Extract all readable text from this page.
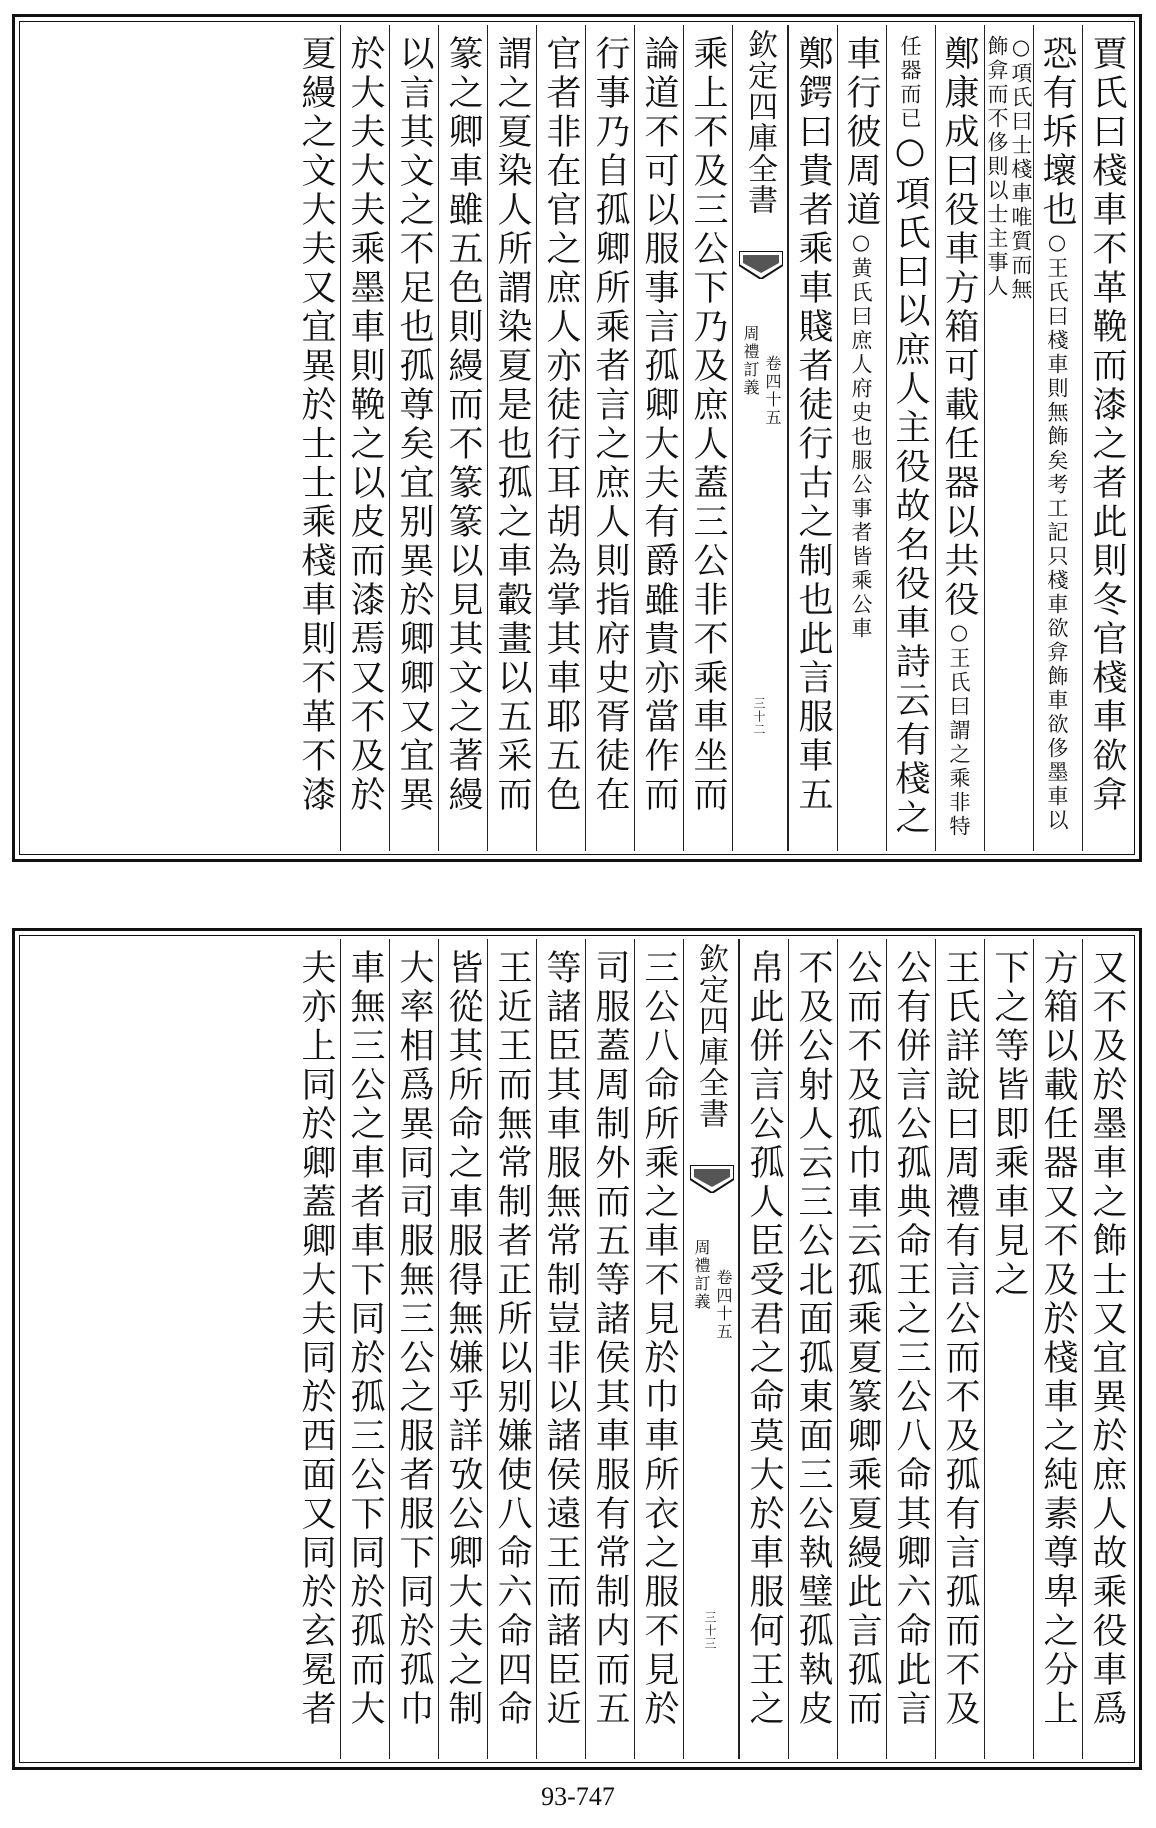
賈氏曰棧車不革鞔而漆之者此則冬官棧車欲弇
恐有坼壞也○王氏曰棧車則無飾矣考工記只棧車欲弇飾車欲侈墨車以
○項氏曰士棧車唯質而無
飾弇而不侈則以士主事人
鄭康成曰役車方箱可載任器以共役○王氏曰謂之乘非特
任器而已○項氏曰以庶人主役故名役車詩云有棧之
車行彼周道○黄氏曰庶人府史也服公事者皆乘公車
鄭鍔曰貴者乘車賤者徒行古之制也此言服車五
欽定四庫全書
周禮訂義 卷四十五
三十二
乘上不及三公下乃及庶人蓋三公非不乘車坐而
論道不可以服事言孤卿大夫有爵雖貴亦當作而
行事乃自孤卿所乘者言之庶人則指府史胥徒在
官者非在官之庶人亦徒行耳胡為掌其車耶五色
謂之夏染人所謂染夏是也孤之車轂畫以五采而
篆之卿車雖五色則縵而不篆篆以見其文之著縵
以言其文之不足也孤尊矣宜别異於卿卿又宜異
於大夫大夫乘墨車則鞔之以皮而漆焉又不及於
夏縵之文大夫又宜異於士士乘棧車則不革不漆
又不及於墨車之飾士又宜異於庶人故乘役車爲
方箱以載任器又不及於棧車之純素尊卑之分上
下之等皆即乘車見之
王氏詳說曰周禮有言公而不及孤有言孤而不及
公有併言公孤典命王之三公八命其卿六命此言
公而不及孤巾車云孤乘夏篆卿乘夏縵此言孤而
不及公射人云三公北面孤東面三公執璧孤執皮
帛此併言公孤人臣受君之命莫大於車服何王之
欽定四庫全書
周禮訂義 卷四十五
三十三
三公八命所乘之車不見於巾車所衣之服不見於
司服蓋周制外而五等諸侯其車服有常制内而五
等諸臣其車服無常制豈非以諸侯遠王而諸臣近
王近王而無常制者正所以别嫌使八命六命四命
皆從其所命之車服得無嫌乎詳攷公卿大夫之制
大率相爲異同司服無三公之服者服下同於孤巾
車無三公之車者車下同於孤三公下同於孤而大
夫亦上同於卿蓋卿大夫同於西面又同於玄冕者
93-747
